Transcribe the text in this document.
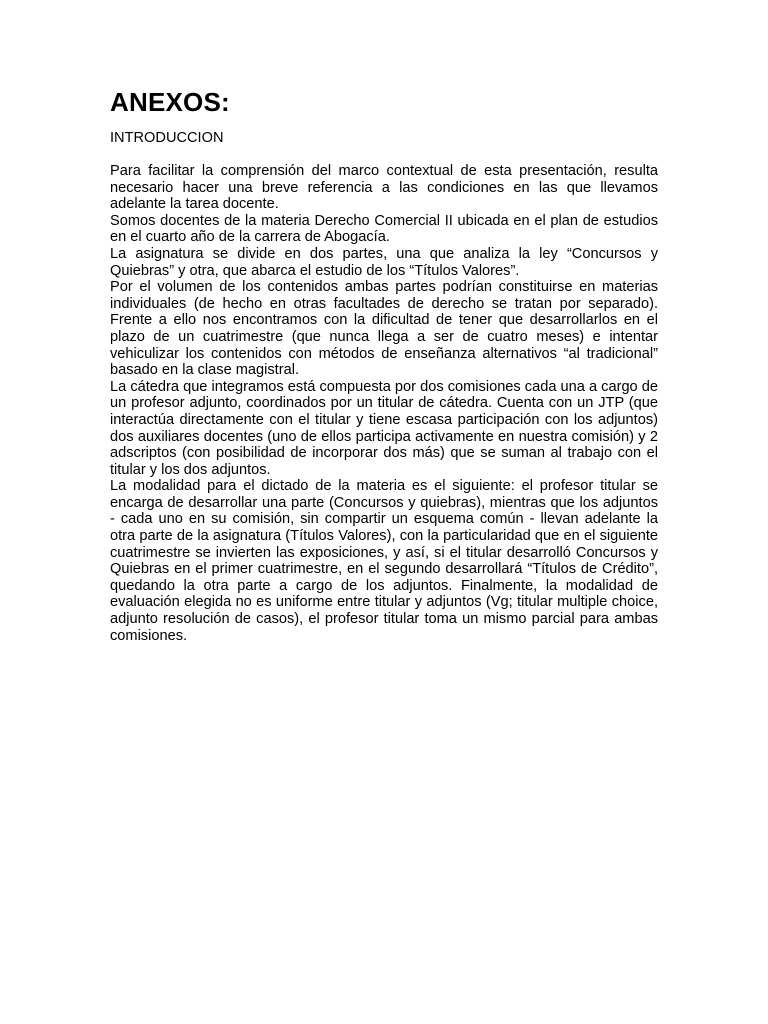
ANEXOS:
INTRODUCCION

Para facilitar la comprensión del marco contextual de esta presentación, resulta necesario hacer una breve referencia a las condiciones en las que llevamos adelante la tarea docente.

Somos docentes de la materia Derecho Comercial II ubicada en el plan de estudios en el cuarto año de la carrera de Abogacía.

La asignatura se divide en dos partes, una que analiza la ley “Concursos y Quiebras” y otra, que abarca el estudio de los “Títulos Valores”.

Por el volumen de los contenidos ambas partes podrían constituirse en materias individuales (de hecho en otras facultades de derecho se tratan por separado). Frente a ello nos encontramos con la dificultad de tener que desarrollarlos en el plazo de un cuatrimestre (que nunca llega a ser de cuatro meses) e intentar vehiculizar los contenidos con métodos de enseñanza alternativos “al tradicional” basado en la clase magistral.

La cátedra que integramos está compuesta por dos comisiones cada una a cargo de un profesor adjunto, coordinados por un titular de cátedra. Cuenta con un JTP (que interactúa directamente con el titular y tiene escasa participación con los adjuntos) dos auxiliares docentes (uno de ellos participa activamente en nuestra comisión) y 2 adscriptos (con posibilidad de incorporar dos más) que se suman al trabajo con el titular y los dos adjuntos.

La modalidad para el dictado de la materia es el siguiente: el profesor titular se encarga de desarrollar una parte (Concursos y quiebras), mientras que los adjuntos - cada uno en su comisión, sin compartir un esquema común - llevan adelante la otra parte de la asignatura (Títulos Valores), con la particularidad que en el siguiente cuatrimestre se invierten las exposiciones, y así, si el titular desarrolló Concursos y Quiebras en el primer cuatrimestre, en el segundo desarrollará “Títulos de Crédito”, quedando la otra parte a cargo de los adjuntos. Finalmente, la modalidad de evaluación elegida no es uniforme entre titular y adjuntos (Vg; titular multiple choice, adjunto resolución de casos), el profesor titular toma un mismo parcial para ambas comisiones.
